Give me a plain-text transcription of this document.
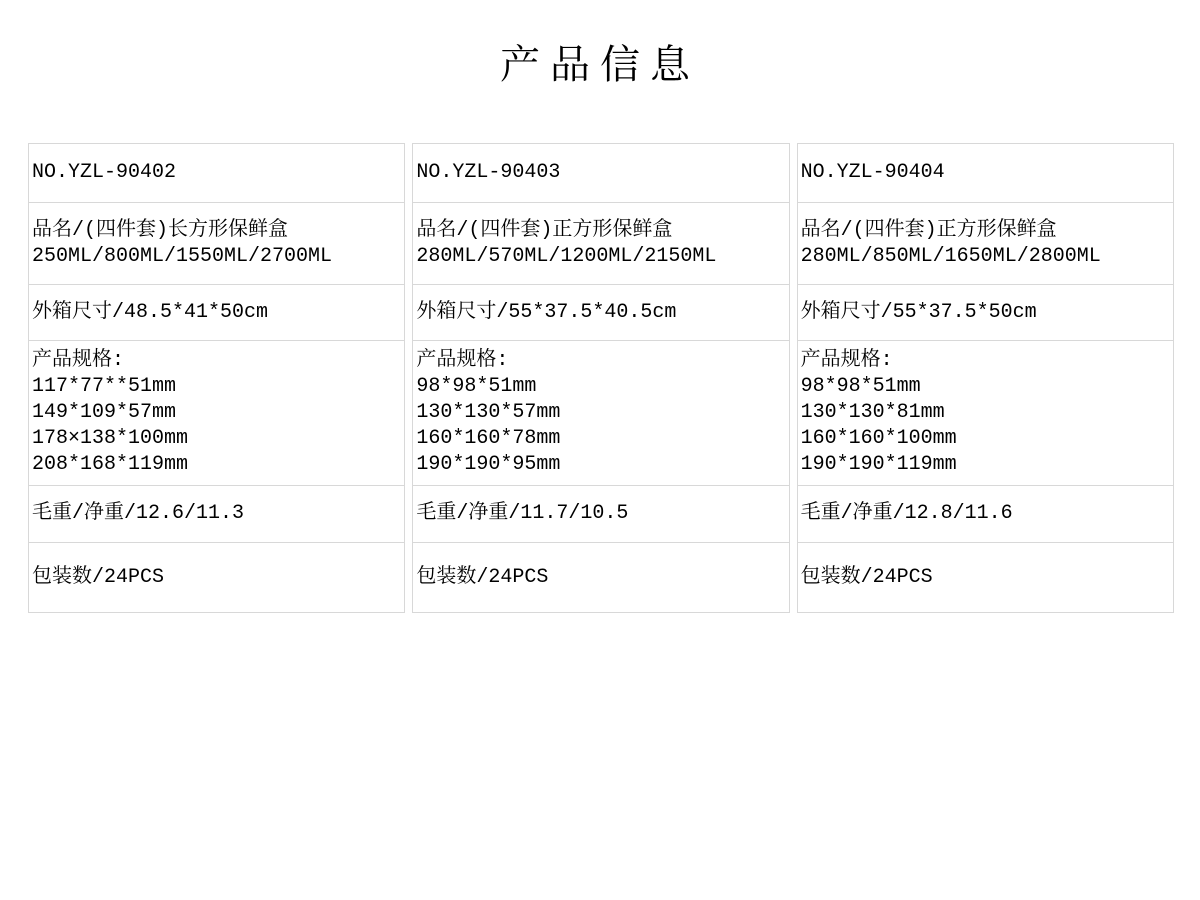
产品信息
NO.YZL-90402
品名/(四件套)长方形保鲜盒
250ML/800ML/1550ML/2700ML
外箱尺寸/48.5*41*50cm
产品规格:
117*77**51mm
149*109*57mm
178×138*100mm
208*168*119mm
毛重/净重/12.6/11.3
包装数/24PCS
NO.YZL-90403
品名/(四件套)正方形保鲜盒
280ML/570ML/1200ML/2150ML
外箱尺寸/55*37.5*40.5cm
产品规格:
98*98*51mm
130*130*57mm
160*160*78mm
190*190*95mm
毛重/净重/11.7/10.5
包装数/24PCS
NO.YZL-90404
品名/(四件套)正方形保鲜盒
280ML/850ML/1650ML/2800ML
外箱尺寸/55*37.5*50cm
产品规格:
98*98*51mm
130*130*81mm
160*160*100mm
190*190*119mm
毛重/净重/12.8/11.6
包装数/24PCS
